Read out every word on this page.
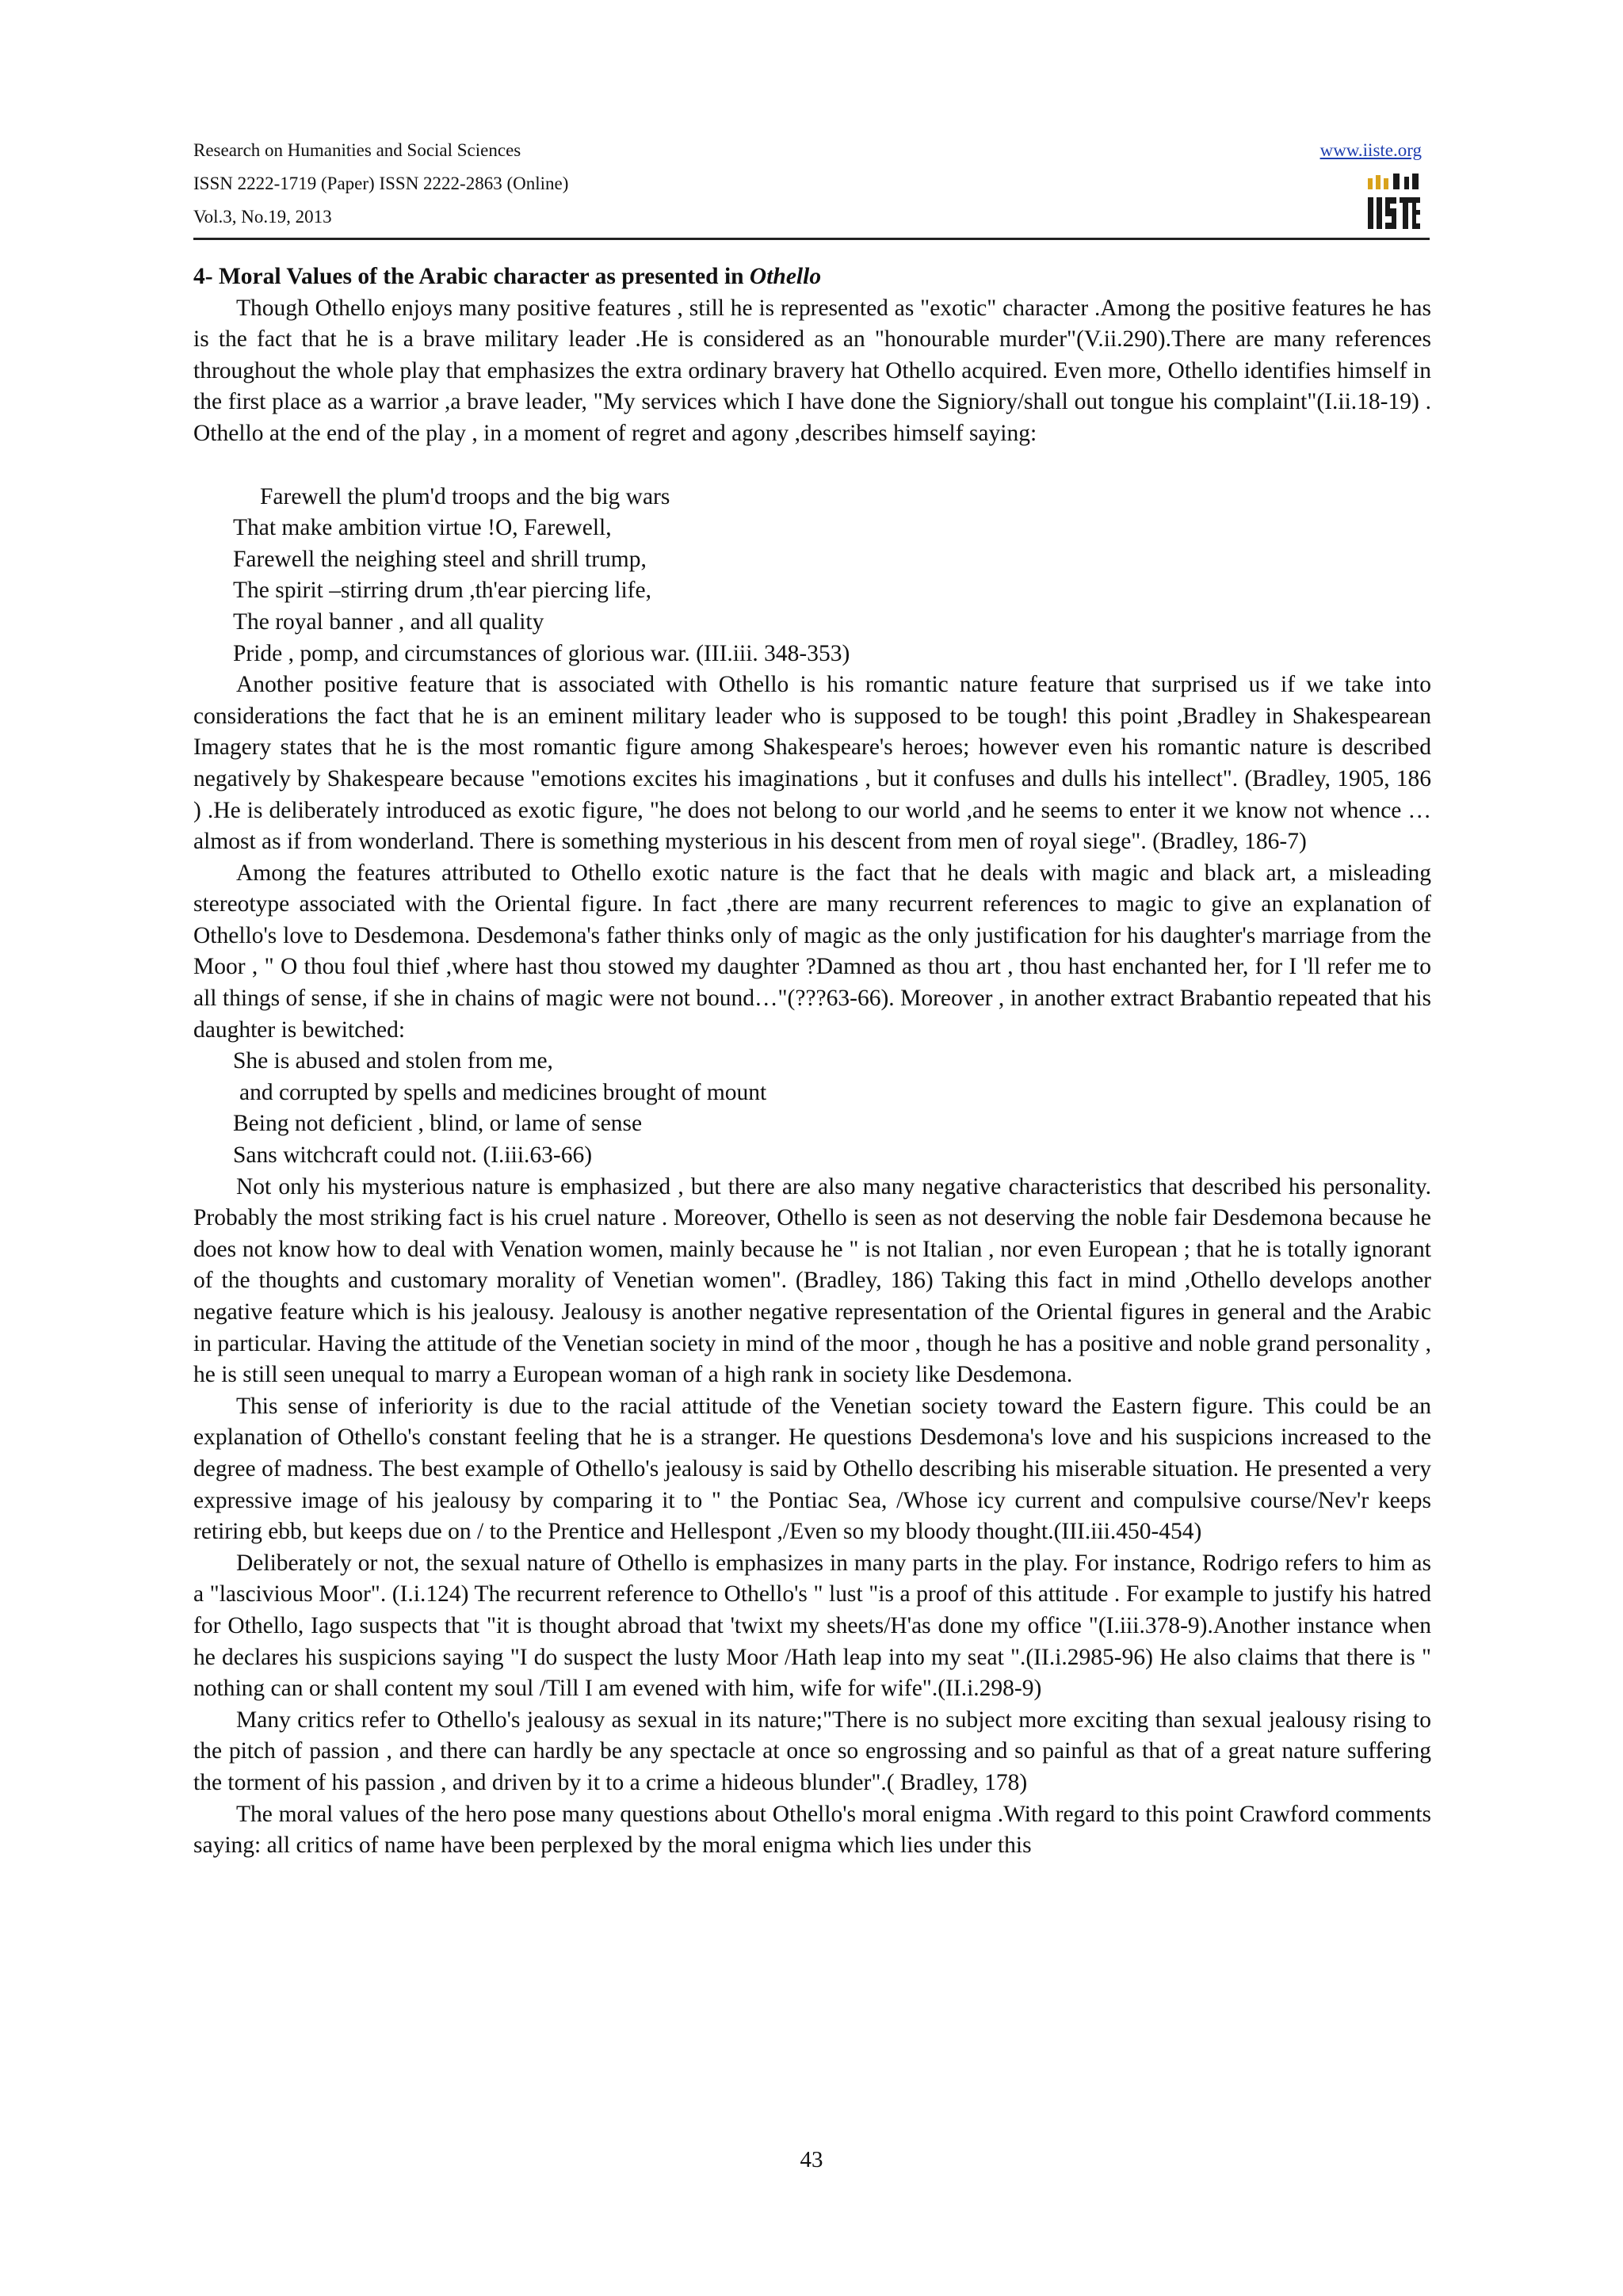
Research on Humanities and Social Sciences
ISSN 2222-1719 (Paper) ISSN 2222-2863 (Online)
Vol.3, No.19, 2013
www.iiste.org
4- Moral Values of the Arabic character as presented in Othello

Though Othello enjoys many positive features , still he is represented as "exotic" character .Among the positive features he has is the fact that he is a brave military leader .He is considered as an "honourable murder"(V.ii.290).There are many references throughout the whole play that emphasizes the extra ordinary bravery hat Othello acquired. Even more, Othello identifies himself in the first place as a warrior ,a brave leader, "My services which I have done the Signiory/shall out tongue his complaint"(I.ii.18-19) . Othello at the end of the play , in a moment of regret and agony ,describes himself saying:

Farewell the plum'd troops and the big wars
That make ambition virtue !O, Farewell,
Farewell the neighing steel and shrill trump,
The spirit –stirring drum ,th'ear piercing life,
The royal banner , and all quality
Pride , pomp, and circumstances of glorious war. (III.iii. 348-353)

Another positive feature that is associated with Othello is his romantic nature feature that surprised us if we take into considerations the fact that he is an eminent military leader who is supposed to be tough! this point ,Bradley in Shakespearean Imagery states that he is the most romantic figure among Shakespeare's heroes; however even his romantic nature is described negatively by Shakespeare because "emotions excites his imaginations , but it confuses and dulls his intellect". (Bradley, 1905, 186 ) .He is deliberately introduced as exotic figure, "he does not belong to our world ,and he seems to enter it we know not whence …almost as if from wonderland. There is something mysterious in his descent from men of royal siege". (Bradley, 186-7)

Among the features attributed to Othello exotic nature is the fact that he deals with magic and black art, a misleading stereotype associated with the Oriental figure. In fact ,there are many recurrent references to magic to give an explanation of Othello's love to Desdemona. Desdemona's father thinks only of magic as the only justification for his daughter's marriage from the Moor , " O thou foul thief ,where hast thou stowed my daughter ?Damned as thou art , thou hast enchanted her, for I 'll refer me to all things of sense, if she in chains of magic were not bound…"(???63-66). Moreover , in another extract Brabantio repeated that his daughter is bewitched:

She is abused and stolen from me,
and corrupted by spells and medicines brought of mount
Being not deficient , blind, or lame of sense
Sans witchcraft could not. (I.iii.63-66)

Not only his mysterious nature is emphasized , but there are also many negative characteristics that described his personality. Probably the most striking fact is his cruel nature . Moreover, Othello is seen as not deserving the noble fair Desdemona because he does not know how to deal with Venation women, mainly because he " is not Italian , nor even European ; that he is totally ignorant of the thoughts and customary morality of Venetian women". (Bradley, 186) Taking this fact in mind ,Othello develops another negative feature which is his jealousy. Jealousy is another negative representation of the Oriental figures in general and the Arabic in particular. Having the attitude of the Venetian society in mind of the moor , though he has a positive and noble grand personality , he is still seen unequal to marry a European woman of a high rank in society like Desdemona.

This sense of inferiority is due to the racial attitude of the Venetian society toward the Eastern figure. This could be an explanation of Othello's constant feeling that he is a stranger. He questions Desdemona's love and his suspicions increased to the degree of madness. The best example of Othello's jealousy is said by Othello describing his miserable situation. He presented a very expressive image of his jealousy by comparing it to " the Pontiac Sea, /Whose icy current and compulsive course/Nev'r keeps retiring ebb, but keeps due on / to the Prentice and Hellespont ,/Even so my bloody thought.(III.iii.450-454)

Deliberately or not, the sexual nature of Othello is emphasizes in many parts in the play. For instance, Rodrigo refers to him as a "lascivious Moor". (I.i.124) The recurrent reference to Othello's " lust "is a proof of this attitude . For example to justify his hatred for Othello, Iago suspects that "it is thought abroad that 'twixt my sheets/H'as done my office "(I.iii.378-9).Another instance when he declares his suspicions saying "I do suspect the lusty Moor /Hath leap into my seat ".(II.i.2985-96) He also claims that there is " nothing can or shall content my soul /Till I am evened with him, wife for wife".(II.i.298-9)

Many critics refer to Othello's jealousy as sexual in its nature;"There is no subject more exciting than sexual jealousy rising to the pitch of passion , and there can hardly be any spectacle at once so engrossing and so painful as that of a great nature suffering the torment of his passion , and driven by it to a crime a hideous blunder".( Bradley, 178)

The moral values of the hero pose many questions about Othello's moral enigma .With regard to this point Crawford comments saying: all critics of name have been perplexed by the moral enigma which lies under this

43
